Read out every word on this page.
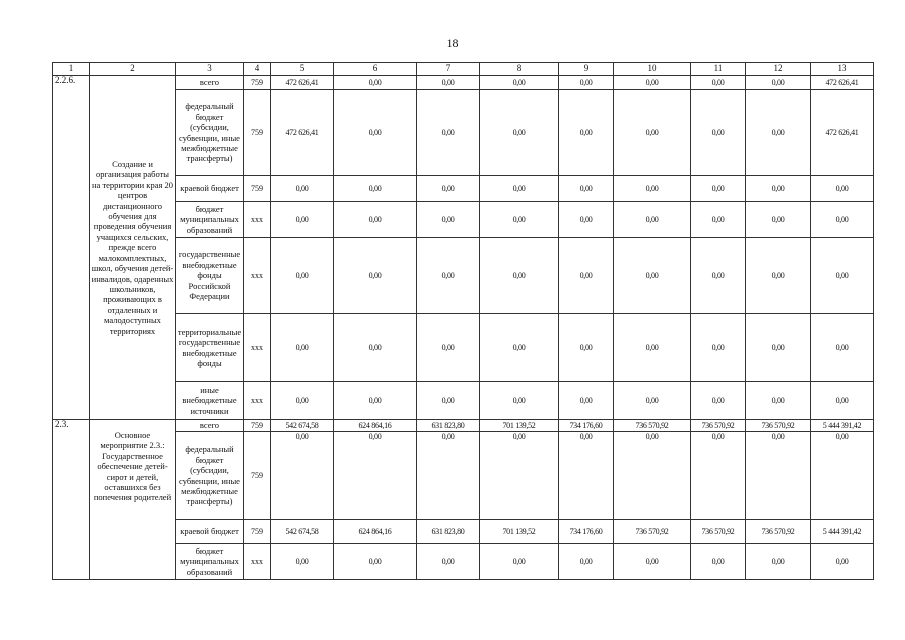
18
1	2	3	4	5	6	7	8	9	10	11	12	13
2.2.6.	Создание и организация работы на территории края 20 центров дистанционного обучения для проведения обучения учащихся сельских, прежде всего малокомплектных, школ, обучения детей-инвалидов, одаренных школьников, проживающих в отдаленных и малодоступных территориях	всего	759	472 626,41	0,00	0,00	0,00	0,00	0,00	0,00	0,00	472 626,41
		федеральный бюджет (субсидии, субвенции, иные межбюджетные трансферты)	759	472 626,41	0,00	0,00	0,00	0,00	0,00	0,00	0,00	472 626,41
		краевой бюджет	759	0,00	0,00	0,00	0,00	0,00	0,00	0,00	0,00	0,00
		бюджет муниципальных образований	ххх	0,00	0,00	0,00	0,00	0,00	0,00	0,00	0,00	0,00
		государственные внебюджетные фонды Российской Федерации	ххх	0,00	0,00	0,00	0,00	0,00	0,00	0,00	0,00	0,00
		территориальные государственные внебюджетные фонды	ххх	0,00	0,00	0,00	0,00	0,00	0,00	0,00	0,00	0,00
		иные внебюджетные источники	ххх	0,00	0,00	0,00	0,00	0,00	0,00	0,00	0,00	0,00
2.3.	Основное мероприятие 2.3.: Государственное обеспечение детей-сирот и детей, оставшихся без попечения родителей	всего	759	542 674,58	624 864,16	631 823,80	701 139,52	734 176,60	736 570,92	736 570,92	736 570,92	5 444 391,42
		федеральный бюджет (субсидии, субвенции, иные межбюджетные трансферты)	759	0,00	0,00	0,00	0,00	0,00	0,00	0,00	0,00	0,00
		краевой бюджет	759	542 674,58	624 864,16	631 823,80	701 139,52	734 176,60	736 570,92	736 570,92	736 570,92	5 444 391,42
		бюджет муниципальных образований	ххх	0,00	0,00	0,00	0,00	0,00	0,00	0,00	0,00	0,00
